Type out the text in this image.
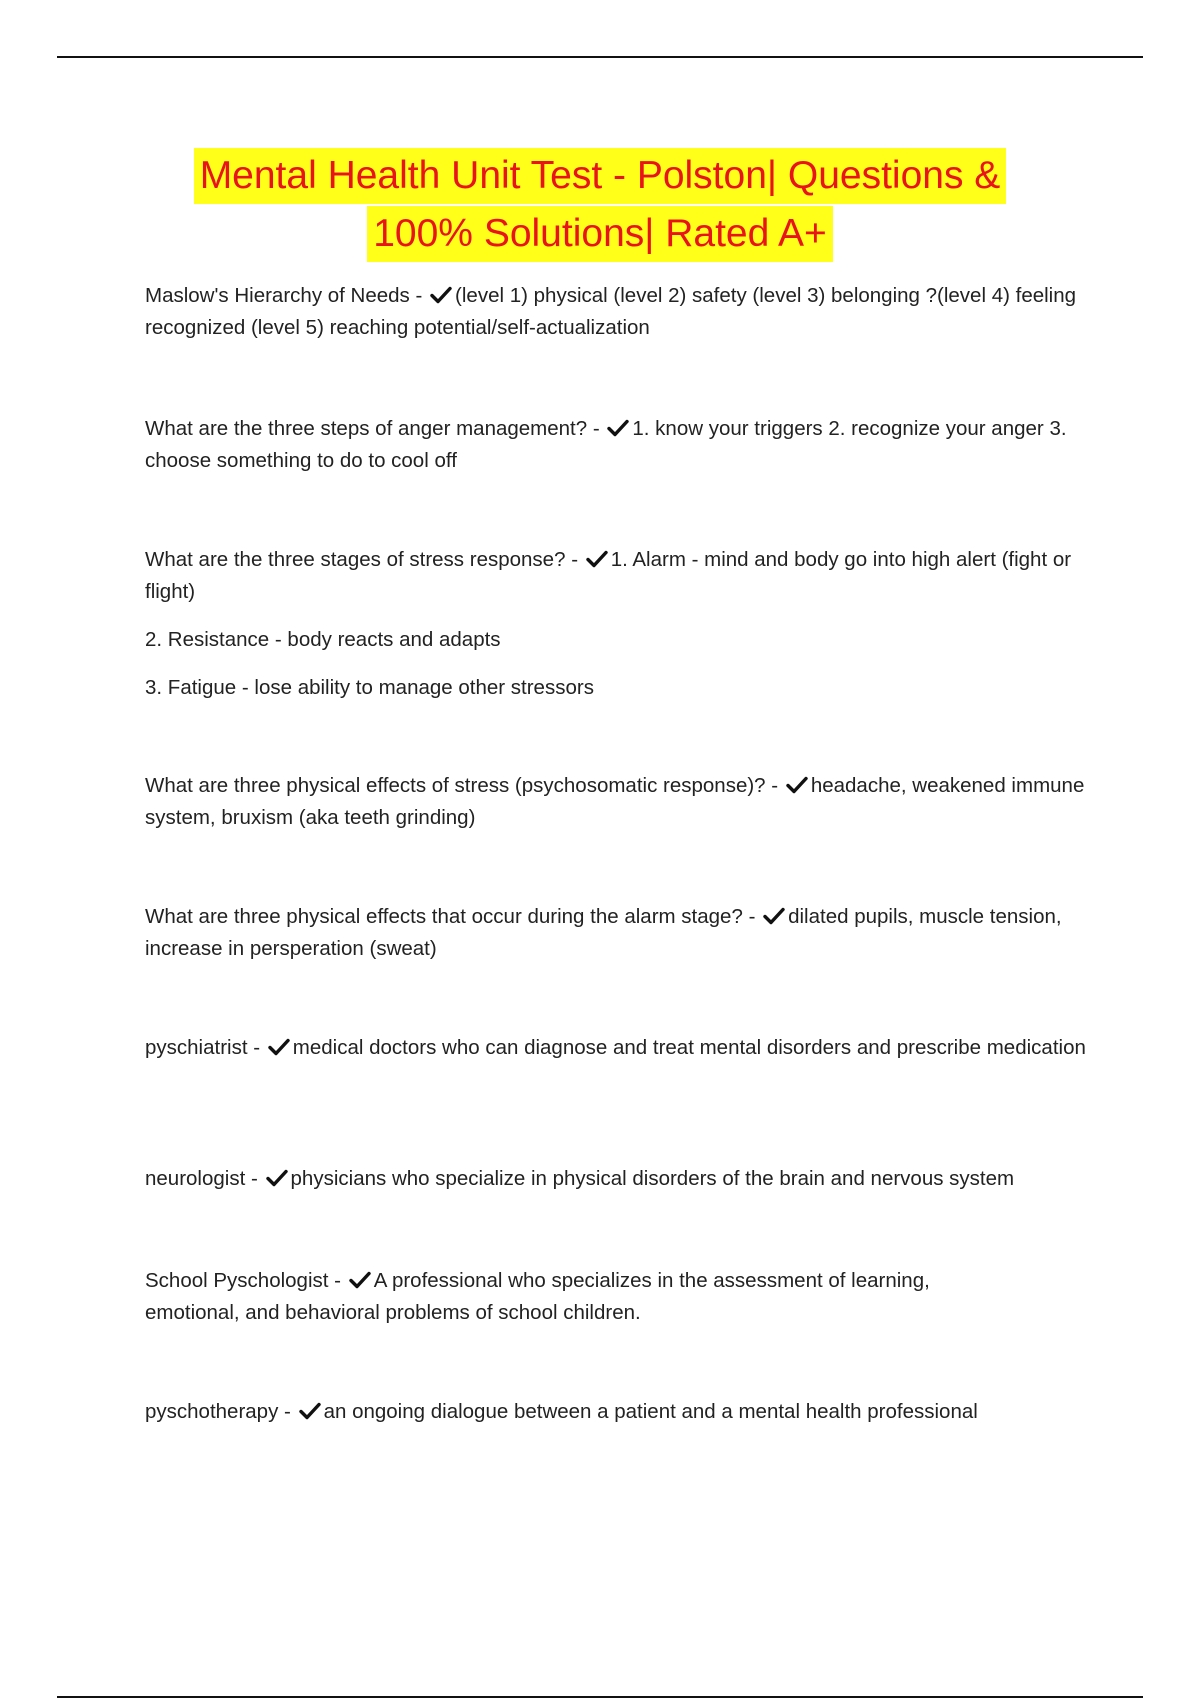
Mental Health Unit Test - Polston| Questions &
100% Solutions| Rated A+

Maslow's Hierarchy of Needs - (level 1) physical (level 2) safety (level 3) belonging ?(level 4) feeling recognized (level 5) reaching potential/self-actualization

What are the three steps of anger management? - 1. know your triggers 2. recognize your anger 3. choose something to do to cool off

What are the three stages of stress response? - 1. Alarm - mind and body go into high alert (fight or flight)

2. Resistance - body reacts and adapts

3. Fatigue - lose ability to manage other stressors

What are three physical effects of stress (psychosomatic response)? - headache, weakened immune system, bruxism (aka teeth grinding)

What are three physical effects that occur during the alarm stage? - dilated pupils, muscle tension, increase in persperation (sweat)

pyschiatrist - medical doctors who can diagnose and treat mental disorders and prescribe medication

neurologist - physicians who specialize in physical disorders of the brain and nervous system

School Pyschologist - A professional who specializes in the assessment of learning, emotional, and behavioral problems of school children.

pyschotherapy - an ongoing dialogue between a patient and a mental health professional
